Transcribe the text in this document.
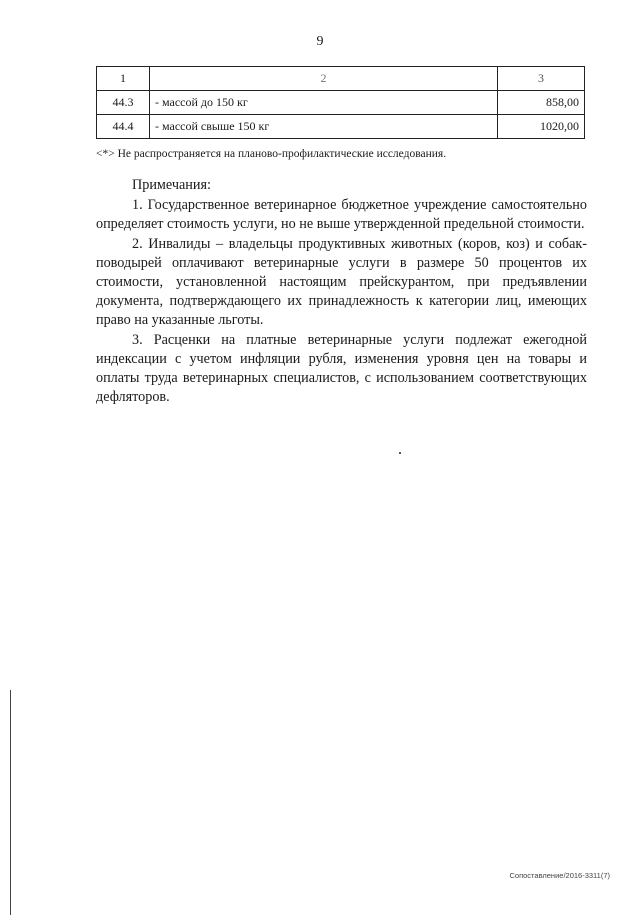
9
1	2	3
44.3	- массой до 150 кг	858,00
44.4	- массой свыше 150 кг	1020,00
<*> Не распространяется на планово-профилактические исследования.

Примечания:

1. Государственное ветеринарное бюджетное учреждение самостоятельно определяет стоимость услуги, но не выше утвержденной предельной стоимости.

2. Инвалиды – владельцы продуктивных животных (коров, коз) и собак-поводырей оплачивают ветеринарные услуги в размере 50 процентов их стоимости, установленной настоящим прейскурантом, при предъявлении документа, подтверждающего их принадлежность к категории лиц, имеющих право на указанные льготы.

3. Расценки на платные ветеринарные услуги подлежат ежегодной индексации с учетом инфляции рубля, изменения уровня цен на товары и оплаты труда ветеринарных специалистов, с использованием соответствующих дефляторов.

Сопоставление/2016-3311(7)
